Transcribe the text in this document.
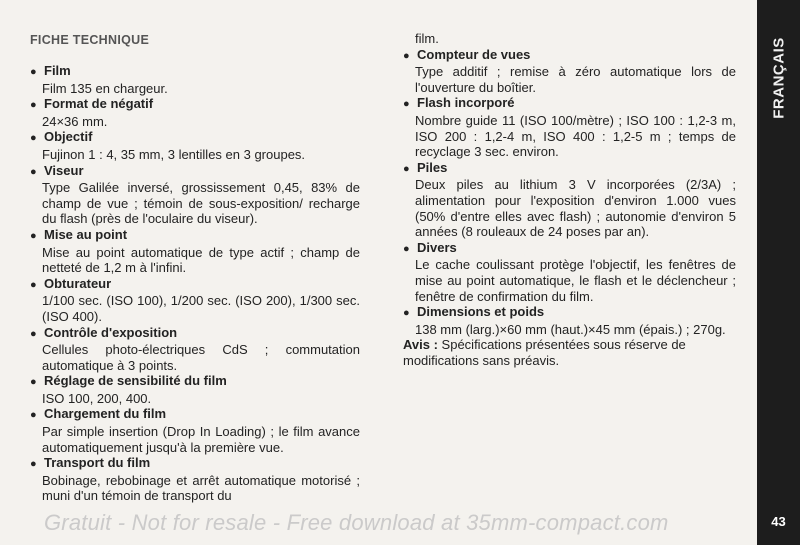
FICHE TECHNIQUE
● Film
Film 135 en chargeur.
● Format de négatif
24×36 mm.
● Objectif
Fujinon 1 : 4, 35 mm, 3 lentilles en 3 groupes.
● Viseur
Type Galilée inversé, grossissement 0,45, 83% de champ de vue ; témoin de sous-exposition/ recharge du flash (près de l'oculaire du viseur).
● Mise au point
Mise au point automatique de type actif ; champ de netteté de 1,2 m à l'infini.
● Obturateur
1/100 sec. (ISO 100), 1/200 sec. (ISO 200), 1/300 sec. (ISO 400).
● Contrôle d'exposition
Cellules photo-électriques CdS ; commutation automatique à 3 points.
● Réglage de sensibilité du film
ISO 100, 200, 400.
● Chargement du film
Par simple insertion (Drop In Loading) ; le film avance automatiquement jusqu'à la première vue.
● Transport du film
Bobinage, rebobinage et arrêt automatique motorisé ; muni d'un témoin de transport du
film.
● Compteur de vues
Type additif ; remise à zéro automatique lors de l'ouverture du boîtier.
● Flash incorporé
Nombre guide 11 (ISO 100/mètre) ; ISO 100 : 1,2-3 m, ISO 200 : 1,2-4 m, ISO 400 : 1,2-5 m ; temps de recyclage 3 sec. environ.
● Piles
Deux piles au lithium 3 V incorporées (2/3A) ; alimentation pour l'exposition d'environ 1.000 vues (50% d'entre elles avec flash) ; autonomie d'environ 5 années (8 rouleaux de 24 poses par an).
● Divers
Le cache coulissant protège l'objectif, les fenêtres de mise au point automatique, le flash et le déclencheur ; fenêtre de confirmation du film.
● Dimensions et poids
138 mm (larg.)×60 mm (haut.)×45 mm (épais.) ; 270g.
Avis : Spécifications présentées sous réserve de modifications sans préavis.
FRANÇAIS
43
Gratuit - Not for resale - Free download at 35mm-compact.com
